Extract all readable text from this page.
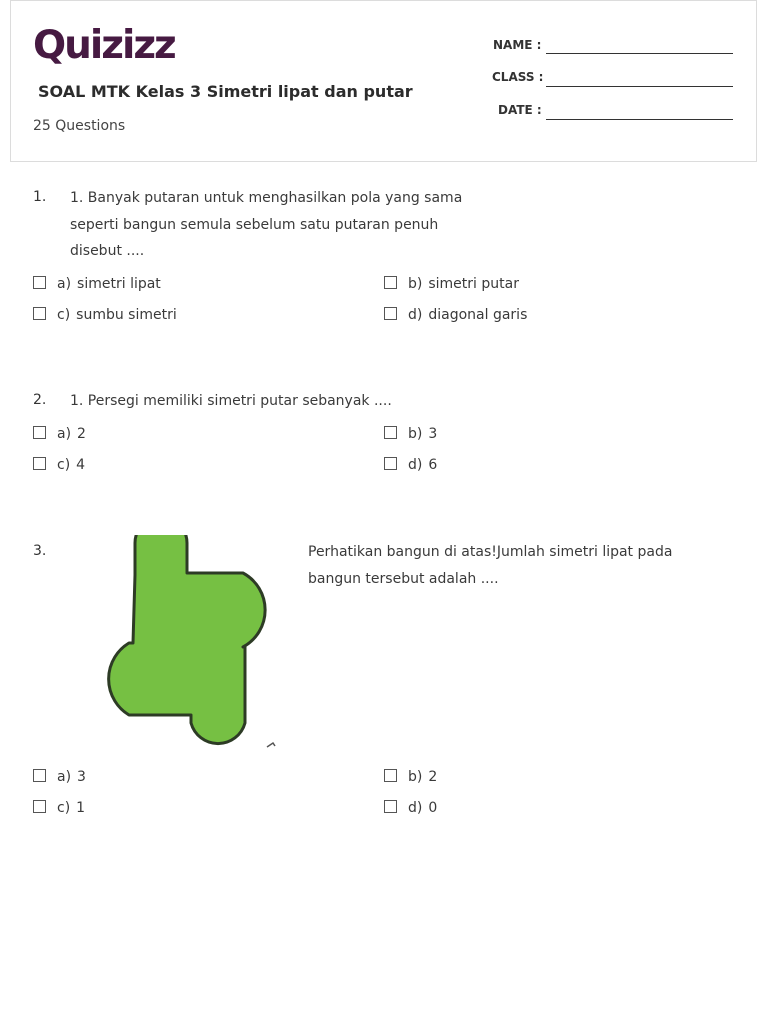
Quizizz
SOAL MTK Kelas 3 Simetri lipat dan putar
25 Questions
NAME :
CLASS :
DATE :
1. 1. Banyak putaran untuk menghasilkan pola yang sama
seperti bangun semula sebelum satu putaran penuh
disebut ....
a) simetri lipat	b) simetri putar
c) sumbu simetri	d) diagonal garis
2. 1. Persegi memiliki simetri putar sebanyak ....
a) 2	b) 3
c) 4	d) 6
3.	Perhatikan bangun di atas!Jumlah simetri lipat pada
bangun tersebut adalah ....
a) 3	b) 2
c) 1	d) 0
